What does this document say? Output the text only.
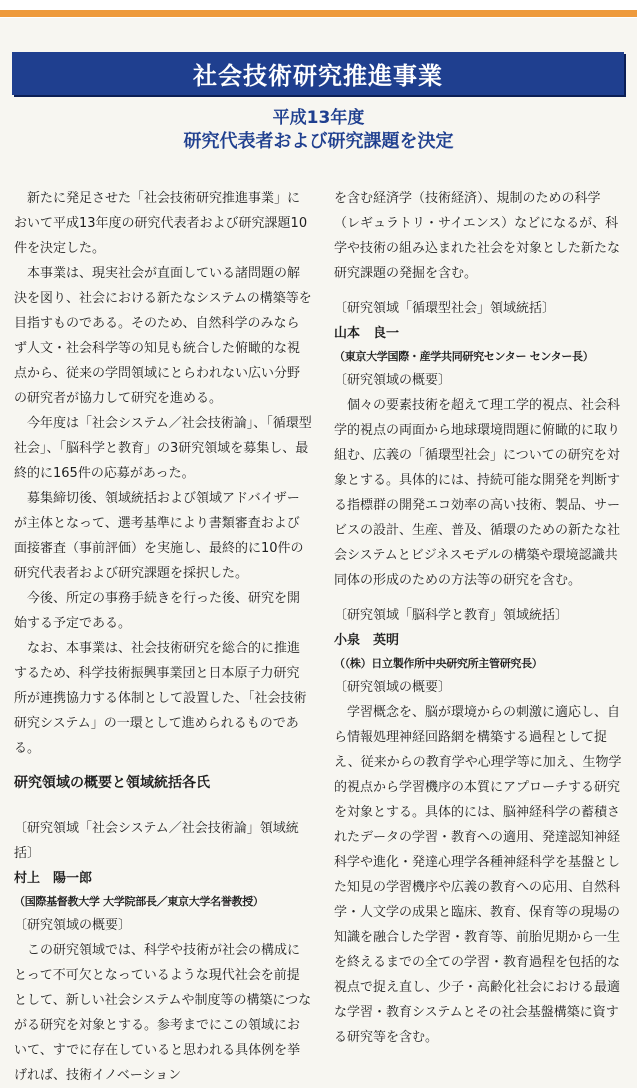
社会技術研究推進事業
平成13年度
研究代表者および研究課題を決定

新たに発足させた「社会技術研究推進事業」において平成13年度の研究代表者および研究課題10件を決定した。

本事業は、現実社会が直面している諸問題の解決を図り、社会における新たなシステムの構築等を目指すものである。そのため、自然科学のみならず人文・社会科学等の知見も統合した俯瞰的な視点から、従来の学問領域にとらわれない広い分野の研究者が協力して研究を進める。

今年度は「社会システム／社会技術論」、「循環型社会」、「脳科学と教育」の3研究領域を募集し、最終的に165件の応募があった。

募集締切後、領域統括および領域アドバイザーが主体となって、選考基準により書類審査および面接審査（事前評価）を実施し、最終的に10件の研究代表者および研究課題を採択した。

今後、所定の事務手続きを行った後、研究を開始する予定である。

なお、本事業は、社会技術研究を総合的に推進するため、科学技術振興事業団と日本原子力研究所が連携協力する体制として設置した、「社会技術研究システム」の一環として進められるものである。

研究領域の概要と領域統括各氏

〔研究領域「社会システム／社会技術論」領域統括〕

村上　陽一郎

（国際基督教大学 大学院部長／東京大学名誉教授）

〔研究領域の概要〕

この研究領域では、科学や技術が社会の構成にとって不可欠となっているような現代社会を前提として、新しい社会システムや制度等の構築につながる研究を対象とする。参考までにこの領域において、すでに存在していると思われる具体例を挙げれば、技術イノベーション

を含む経済学（技術経済）、規制のための科学（レギュラトリ・サイエンス）などになるが、科学や技術の組み込まれた社会を対象とした新たな研究課題の発掘を含む。

〔研究領域「循環型社会」領域統括〕

山本　良一

（東京大学国際・産学共同研究センター センター長）

〔研究領域の概要〕

個々の要素技術を超えて理工学的視点、社会科学的視点の両面から地球環境問題に俯瞰的に取り組む、広義の「循環型社会」についての研究を対象とする。具体的には、持続可能な開発を判断する指標群の開発エコ効率の高い技術、製品、サービスの設計、生産、普及、循環のための新たな社会システムとビジネスモデルの構築や環境認識共同体の形成のための方法等の研究を含む。

〔研究領域「脳科学と教育」領域統括〕

小泉　英明

（（株）日立製作所中央研究所主管研究長）

〔研究領域の概要〕

学習概念を、脳が環境からの刺激に適応し、自ら情報処理神経回路網を構築する過程として捉え、従来からの教育学や心理学等に加え、生物学的視点から学習機序の本質にアプローチする研究を対象とする。具体的には、脳神経科学の蓄積されたデータの学習・教育への適用、発達認知神経科学や進化・発達心理学各種神経科学を基盤とした知見の学習機序や広義の教育への応用、自然科学・人文学の成果と臨床、教育、保育等の現場の知識を融合した学習・教育等、前胎児期から一生を終えるまでの全ての学習・教育過程を包括的な視点で捉え直し、少子・高齢化社会における最適な学習・教育システムとその社会基盤構築に資する研究等を含む。
